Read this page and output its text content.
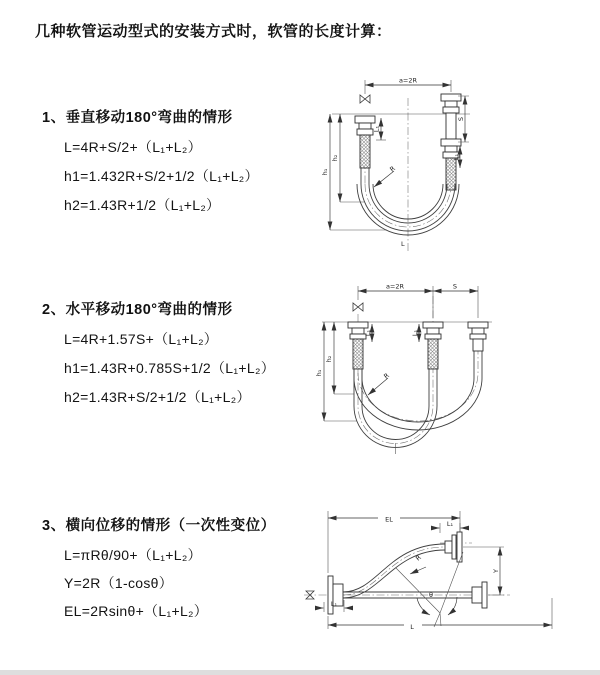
几种软管运动型式的安装方式时，软管的长度计算：
1、垂直移动180°弯曲的情形
L=4R+S/2+（L₁+L₂）
h1=1.432R+S/2+1/2（L₁+L₂）
h2=1.43R+1/2（L₁+L₂）
2、水平移动180°弯曲的情形
L=4R+1.57S+（L₁+L₂）
h1=1.43R+0.785S+1/2（L₁+L₂）
h2=1.43R+S/2+1/2（L₁+L₂）
3、横向位移的情形（一次性变位）
L=πRθ/90+（L₁+L₂）
Y=2R（1-cosθ）
EL=2Rsinθ+（L₁+L₂）
a=2R
S
L₁
L₁
h₁
h₂
R
L
a=2R	S
L₁	L₁
h₁
h₂
R
EL
L₁
Y
R
θ
L₁
L
